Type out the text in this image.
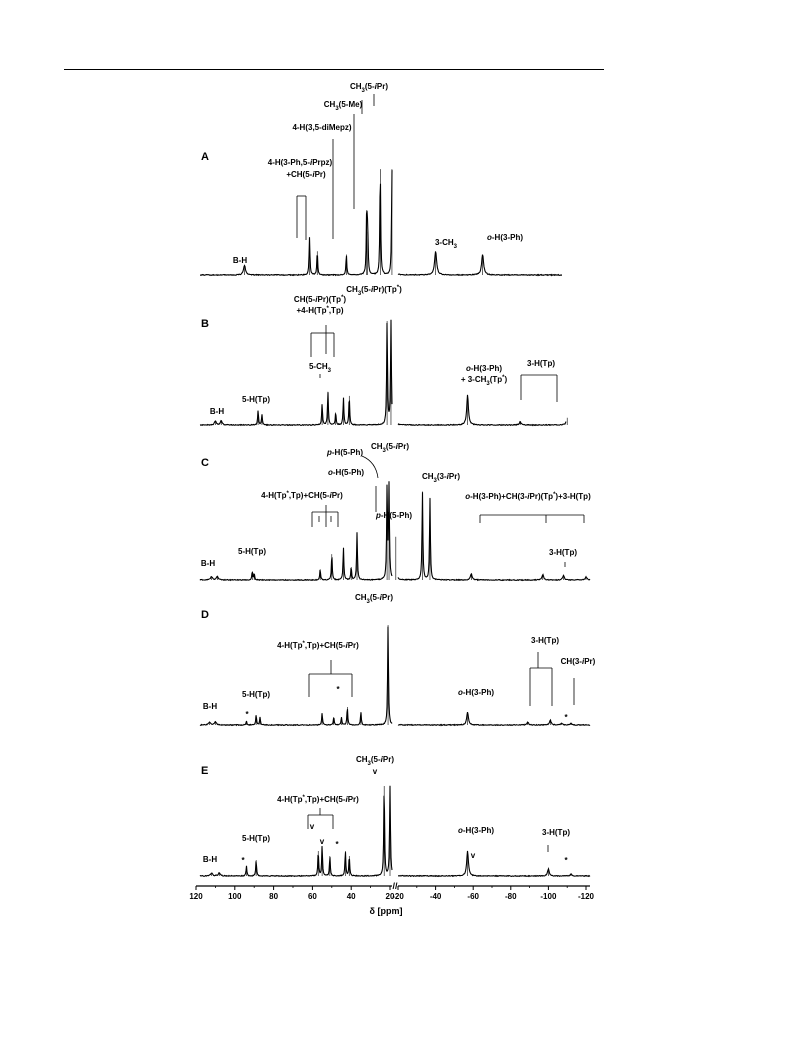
A
B-H
4-H(3-Ph,5-iPrpz)
+CH(5-iPr)
4-H(3,5-diMepz)
$CH_3(5-Me)$
$CH_3(5-iPr)$
$3-CH_3$
o-H(3-Ph)
B
B-H
5-H(Tp)
$5-CH_3$
CH(5-iPr)(Tp*)
+4-H(Tp*,Tp)
$CH_3(5-iPr)(Tp^*)$
o-H(3-Ph)
+ $3-CH_3(Tp^*)$
3-H(Tp)
C
B-H
5-H(Tp)
4-H(Tp*,Tp)+CH(5-iPr)
o-H(5-Ph)
p-H(5-Ph)
$CH_3(5-iPr)$
p-H(5-Ph)
$CH_3(3-iPr)$
o-H(3-Ph)+CH(3-iPr)(Tp*)+3-H(Tp)
3-H(Tp)
D
B-H
5-H(Tp)
*
4-H(Tp*,Tp)+CH(5-iPr)
*
$CH_3(5-iPr)$
o-H(3-Ph)
3-H(Tp)
CH(3-iPr)
*
E
B-H
5-H(Tp)
*
4-H(Tp*,Tp)+CH(5-iPr)
v
v *
$CH_3(5-iPr)$
v
o-H(3-Ph)
v
3-H(Tp)
*
120	100	80	60	40	20
-20	-40	-60	-80	-100	-120
//
δ [ppm]
